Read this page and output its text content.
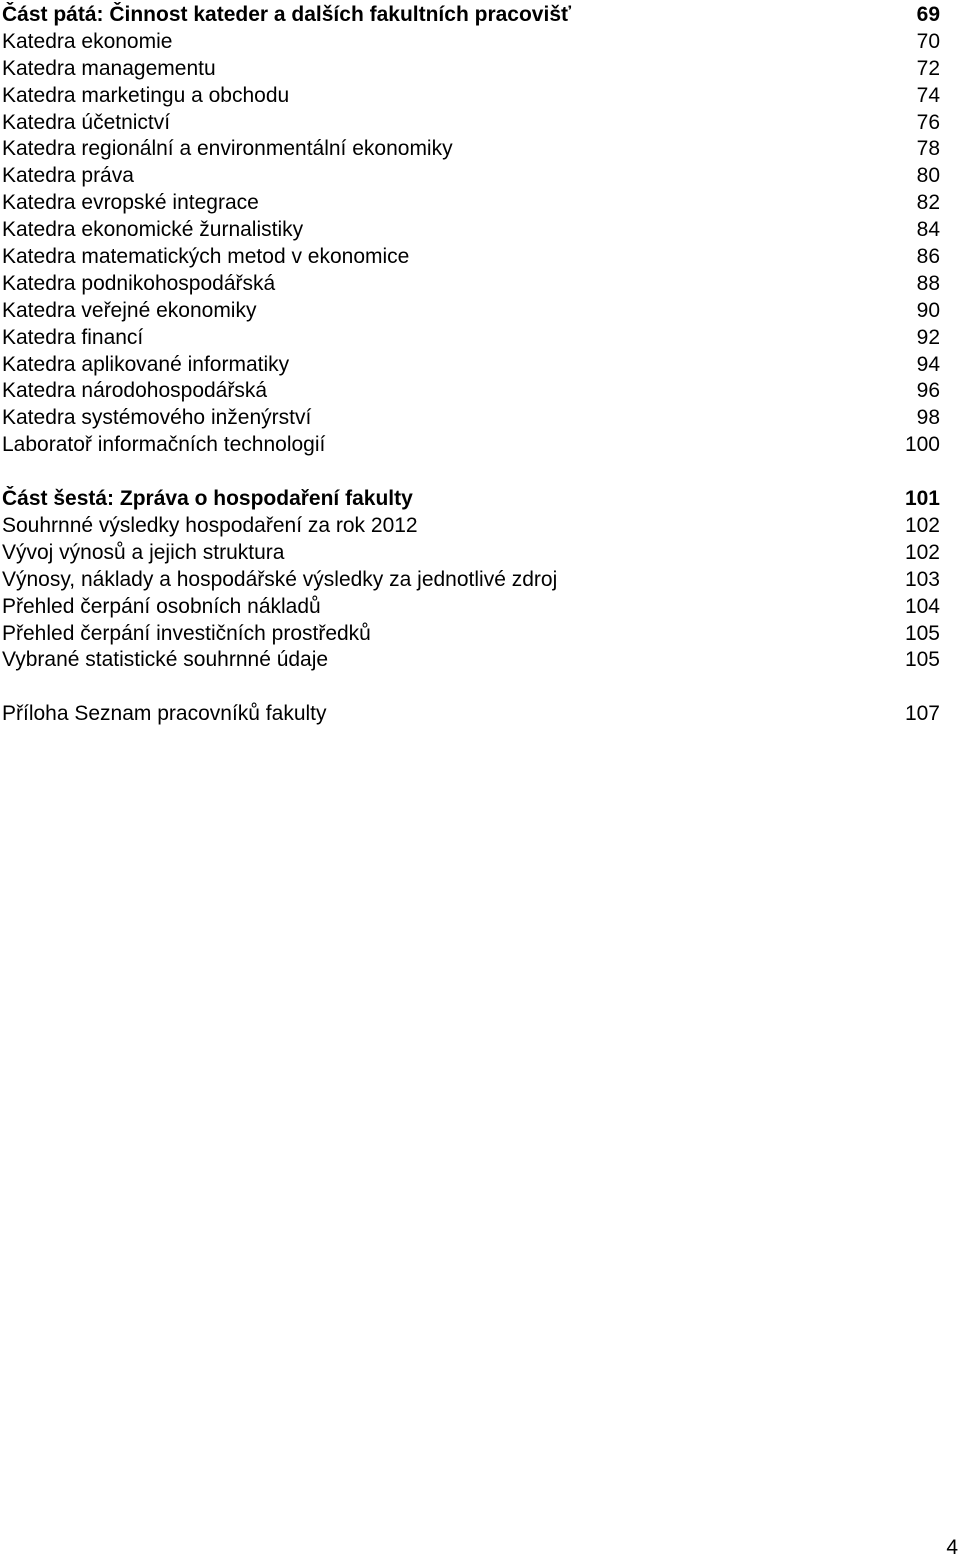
Část pátá: Činnost kateder a dalších fakultních pracovišť	69
Katedra ekonomie	70
Katedra managementu	72
Katedra marketingu a obchodu	74
Katedra účetnictví	76
Katedra regionální a environmentální ekonomiky	78
Katedra práva	80
Katedra evropské integrace	82
Katedra ekonomické žurnalistiky	84
Katedra matematických metod v ekonomice	86
Katedra podnikohospodářská	88
Katedra veřejné ekonomiky	90
Katedra financí	92
Katedra aplikované informatiky	94
Katedra národohospodářská	96
Katedra systémového inženýrství	98
Laboratoř informačních technologií	100
Část šestá: Zpráva o hospodaření fakulty	101
Souhrnné výsledky hospodaření za rok 2012	102
Vývoj výnosů a jejich struktura	102
Výnosy, náklady a hospodářské výsledky za jednotlivé zdroj	103
Přehled čerpání osobních nákladů	104
Přehled čerpání investičních prostředků	105
Vybrané statistické souhrnné údaje	105
Příloha Seznam pracovníků fakulty	107
4
